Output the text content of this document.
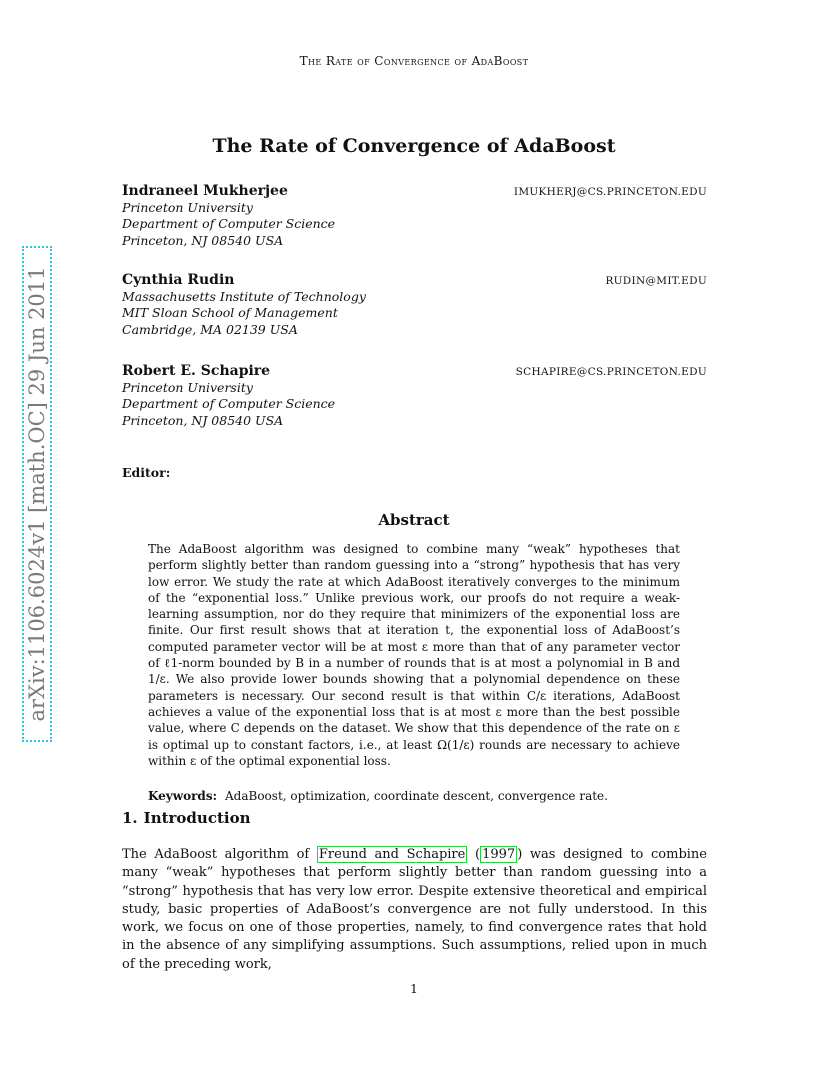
arXiv:1106.6024v1 [math.OC] 29 Jun 2011
The Rate of Convergence of AdaBoost
The Rate of Convergence of AdaBoost
Indraneel Mukherjee	IMUKHERJ@CS.PRINCETON.EDU
Princeton University
Department of Computer Science
Princeton, NJ 08540 USA
Cynthia Rudin	RUDIN@MIT.EDU
Massachusetts Institute of Technology
MIT Sloan School of Management
Cambridge, MA 02139 USA
Robert E. Schapire	SCHAPIRE@CS.PRINCETON.EDU
Princeton University
Department of Computer Science
Princeton, NJ 08540 USA
Editor:
Abstract
The AdaBoost algorithm was designed to combine many “weak” hypotheses that perform slightly better than random guessing into a “strong” hypothesis that has very low error. We study the rate at which AdaBoost iteratively converges to the minimum of the “exponential loss.” Unlike previous work, our proofs do not require a weak-learning assumption, nor do they require that minimizers of the exponential loss are finite. Our first result shows that at iteration t, the exponential loss of AdaBoost’s computed parameter vector will be at most ε more than that of any parameter vector of ℓ1-norm bounded by B in a number of rounds that is at most a polynomial in B and 1/ε. We also provide lower bounds showing that a polynomial dependence on these parameters is necessary. Our second result is that within C/ε iterations, AdaBoost achieves a value of the exponential loss that is at most ε more than the best possible value, where C depends on the dataset. We show that this dependence of the rate on ε is optimal up to constant factors, i.e., at least Ω(1/ε) rounds are necessary to achieve within ε of the optimal exponential loss.
Keywords: AdaBoost, optimization, coordinate descent, convergence rate.
1. Introduction
The AdaBoost algorithm of Freund and Schapire ( 1997 ) was designed to combine many “weak” hypotheses that perform slightly better than random guessing into a “strong” hypothesis that has very low error. Despite extensive theoretical and empirical study, basic properties of AdaBoost’s convergence are not fully understood. In this work, we focus on one of those properties, namely, to find convergence rates that hold in the absence of any simplifying assumptions. Such assumptions, relied upon in much of the preceding work,
1
